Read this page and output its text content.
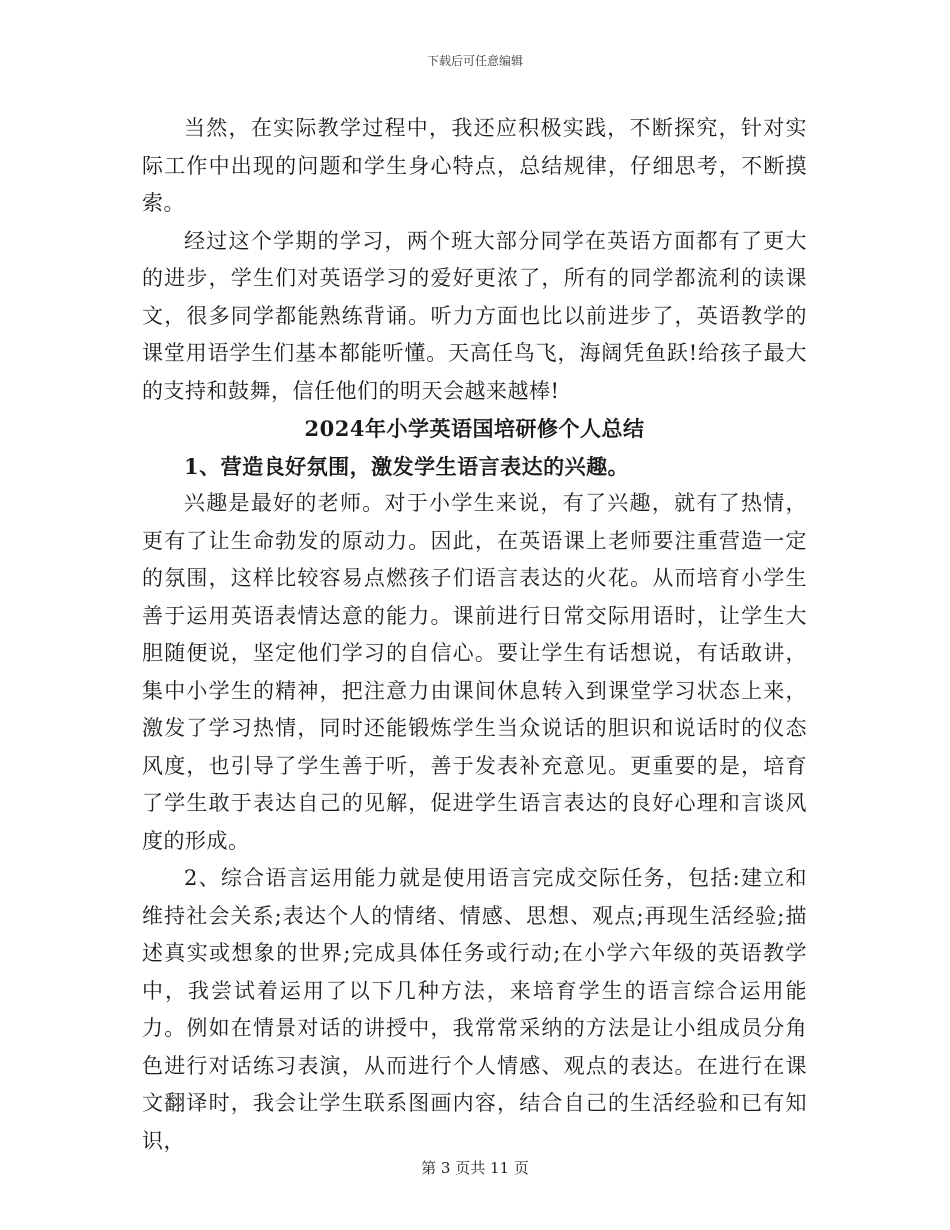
下载后可任意编辑

当然，在实际教学过程中，我还应积极实践，不断探究，针对实际工作中出现的问题和学生身心特点，总结规律，仔细思考，不断摸索。

经过这个学期的学习，两个班大部分同学在英语方面都有了更大的进步，学生们对英语学习的爱好更浓了，所有的同学都流利的读课文，很多同学都能熟练背诵。听力方面也比以前进步了，英语教学的课堂用语学生们基本都能听懂。天高任鸟飞，海阔凭鱼跃!给孩子最大的支持和鼓舞，信任他们的明天会越来越棒!

2024年小学英语国培研修个人总结

1、营造良好氛围，激发学生语言表达的兴趣。

兴趣是最好的老师。对于小学生来说，有了兴趣，就有了热情，更有了让生命勃发的原动力。因此，在英语课上老师要注重营造一定的氛围，这样比较容易点燃孩子们语言表达的火花。从而培育小学生善于运用英语表情达意的能力。课前进行日常交际用语时，让学生大胆随便说，坚定他们学习的自信心。要让学生有话想说，有话敢讲，集中小学生的精神，把注意力由课间休息转入到课堂学习状态上来，激发了学习热情，同时还能锻炼学生当众说话的胆识和说话时的仪态风度，也引导了学生善于听，善于发表补充意见。更重要的是，培育了学生敢于表达自己的见解，促进学生语言表达的良好心理和言谈风度的形成。

2、综合语言运用能力就是使用语言完成交际任务，包括:建立和维持社会关系;表达个人的情绪、情感、思想、观点;再现生活经验;描述真实或想象的世界;完成具体任务或行动;在小学六年级的英语教学中，我尝试着运用了以下几种方法，来培育学生的语言综合运用能力。例如在情景对话的讲授中，我常常采纳的方法是让小组成员分角色进行对话练习表演，从而进行个人情感、观点的表达。在进行在课文翻译时，我会让学生联系图画内容，结合自己的生活经验和已有知识，

第 3 页共 11 页
